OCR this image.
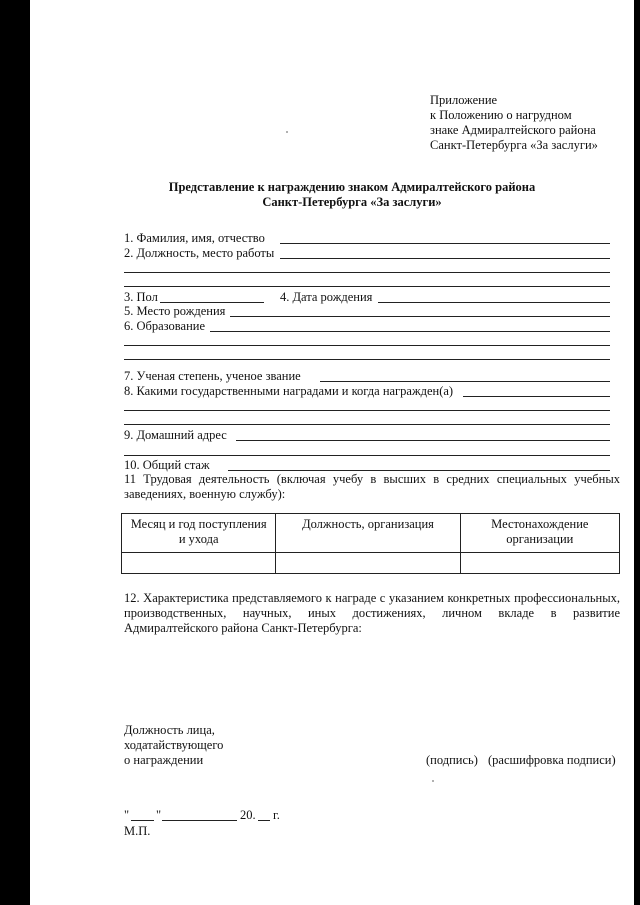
Приложение
к Положению о нагрудном
знаке Адмиралтейского района
Санкт-Петербурга «За заслуги»
Представление к награждению знаком Адмиралтейского района
Санкт-Петербурга «За заслуги»
1. Фамилия, имя, отчество
2. Должность, место работы
3. Пол	4. Дата рождения
5. Место рождения
6. Образование
7. Ученая степень, ученое звание
8. Какими государственными наградами и когда награжден(а)
9. Домашний адрес
10. Общий стаж
11 Трудовая деятельность (включая учебу в высших в средних специальных учебных заведениях, военную службу):
Месяц и год поступления и ухода	Должность, организация	Местонахождение организации

12. Характеристика представляемого к награде с указанием конкретных профессиональных, производственных, научных, иных достижениях, личном вкладе в развитие Адмиралтейского района Санкт-Петербурга:
Должность лица,
ходатайствующего
о награждении	(подпись) (расшифровка подписи)
" "	20. г.
М.П.
